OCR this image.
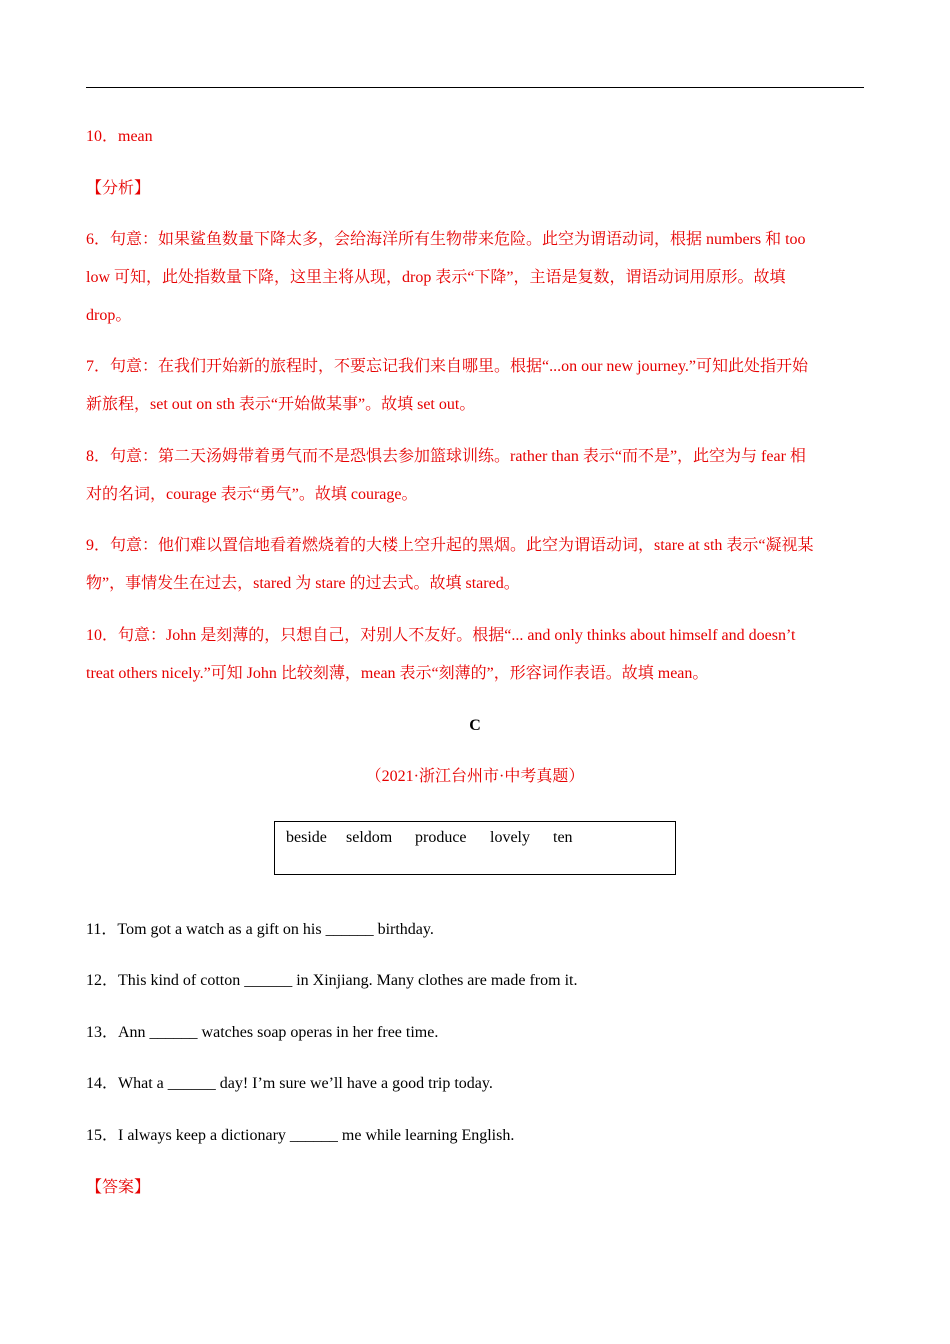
10．mean
【分析】
6．句意：如果鲨鱼数量下降太多，会给海洋所有生物带来危险。此空为谓语动词，根据 numbers 和 too
low 可知，此处指数量下降，这里主将从现，drop 表示“下降”，主语是复数，谓语动词用原形。故填
drop。
7．句意：在我们开始新的旅程时，不要忘记我们来自哪里。根据“...on our new journey.”可知此处指开始
新旅程，set out on sth 表示“开始做某事”。故填 set out。
8．句意：第二天汤姆带着勇气而不是恐惧去参加篮球训练。rather than 表示“而不是”，此空为与 fear 相
对的名词，courage 表示“勇气”。故填 courage。
9．句意：他们难以置信地看着燃烧着的大楼上空升起的黑烟。此空为谓语动词，stare at sth 表示“凝视某
物”，事情发生在过去，stared 为 stare 的过去式。故填 stared。
10．句意：John 是刻薄的，只想自己，对别人不友好。根据“... and only thinks about himself and doesn’t
treat others nicely.”可知 John 比较刻薄，mean 表示“刻薄的”，形容词作表语。故填 mean。
C
（2021·浙江台州市·中考真题）
beside seldom produce lovely ten
11．Tom got a watch as a gift on his ______ birthday.
12．This kind of cotton ______ in Xinjiang. Many clothes are made from it.
13．Ann ______ watches soap operas in her free time.
14．What a ______ day! I’m sure we’ll have a good trip today.
15．I always keep a dictionary ______ me while learning English.
【答案】
